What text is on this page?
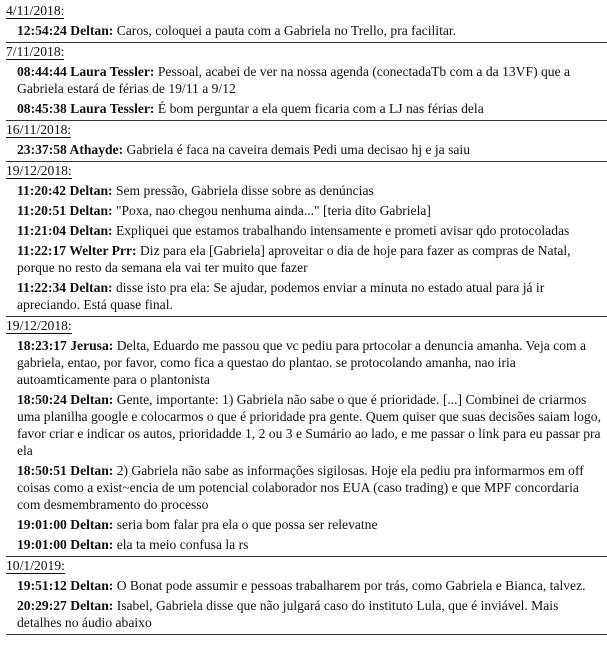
4/11/2018:
12:54:24 Deltan: Caros, coloquei a pauta com a Gabriela no Trello, pra facilitar.
7/11/2018:
08:44:44 Laura Tessler: Pessoal, acabei de ver na nossa agenda (conectadaTb com a da 13VF) que a Gabriela estará de férias de 19/11 a 9/12
08:45:38 Laura Tessler: É bom perguntar a ela quem ficaria com a LJ nas férias dela
16/11/2018:
23:37:58 Athayde: Gabriela é faca na caveira demais Pedi uma decisao hj e ja saiu
19/12/2018:
11:20:42 Deltan: Sem pressão, Gabriela disse sobre as denúncias
11:20:51 Deltan: "Poxa, nao chegou nenhuma ainda..." [teria dito Gabriela]
11:21:04 Deltan: Expliquei que estamos trabalhando intensamente e prometi avisar qdo protocoladas
11:22:17 Welter Prr: Diz para ela [Gabriela] aproveitar o dia de hoje para fazer as compras de Natal, porque no resto da semana ela vai ter muito que fazer
11:22:34 Deltan: disse isto pra ela: Se ajudar, podemos enviar a minuta no estado atual para já ir apreciando. Está quase final.
19/12/2018:
18:23:17 Jerusa: Delta, Eduardo me passou que vc pediu para prtocolar a denuncia amanha. Veja com a gabriela, entao, por favor, como fica a questao do plantao. se protocolando amanha, nao iria autoamticamente para o plantonista
18:50:24 Deltan: Gente, importante: 1) Gabriela não sabe o que é prioridade. [...] Combinei de criarmos uma planilha google e colocarmos o que é prioridade pra gente. Quem quiser que suas decisões saiam logo, favor criar e indicar os autos, prioridadde 1, 2 ou 3 e Sumário ao lado, e me passar o link para eu passar pra ela
18:50:51 Deltan: 2) Gabriela não sabe as informações sigilosas. Hoje ela pediu pra informarmos em off coisas como a exist~encia de um potencial colaborador nos EUA (caso trading) e que MPF concordaria com desmembramento do processo
19:01:00 Deltan: seria bom falar pra ela o que possa ser relevatne
19:01:00 Deltan: ela ta meio confusa la rs
10/1/2019:
19:51:12 Deltan: O Bonat pode assumir e pessoas trabalharem por trás, como Gabriela e Bianca, talvez.
20:29:27 Deltan: Isabel, Gabriela disse que não julgará caso do instituto Lula, que é inviável. Mais detalhes no áudio abaixo
